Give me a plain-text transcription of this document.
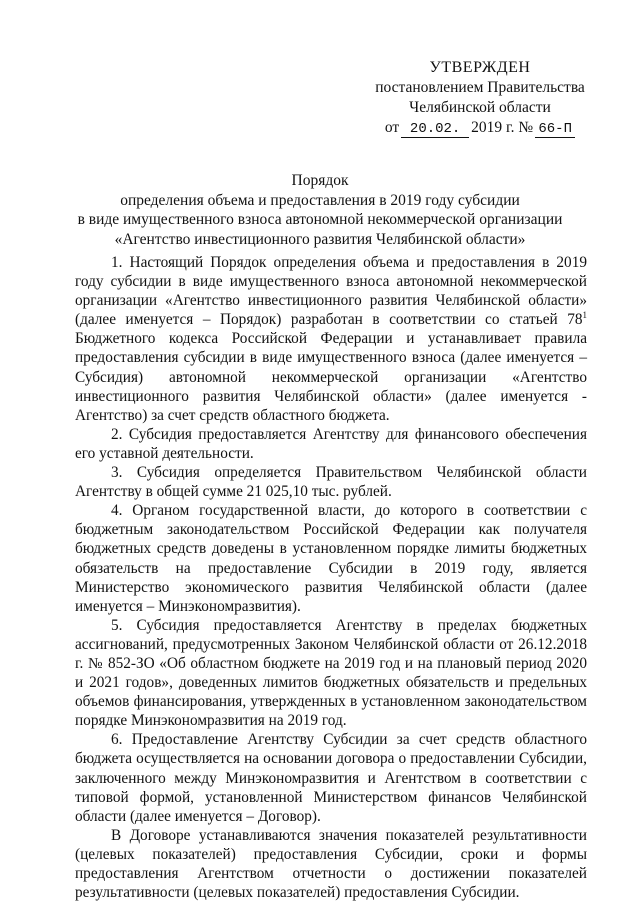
УТВЕРЖДЕН
постановлением Правительства
Челябинской области
от 20.02. 2019 г. № 66-П
Порядок
определения объема и предоставления в 2019 году субсидии
в виде имущественного взноса автономной некоммерческой организации
«Агентство инвестиционного развития Челябинской области»

1. Настоящий Порядок определения объема и предоставления в 2019 году субсидии в виде имущественного взноса автономной некоммерческой организации «Агентство инвестиционного развития Челябинской области» (далее именуется – Порядок) разработан в соответствии со статьей $78^1$ Бюджетного кодекса Российской Федерации и устанавливает правила предоставления субсидии в виде имущественного взноса (далее именуется – Субсидия) автономной некоммерческой организации «Агентство инвестиционного развития Челябинской области» (далее именуется - Агентство) за счет средств областного бюджета.

2. Субсидия предоставляется Агентству для финансового обеспечения его уставной деятельности.

3. Субсидия определяется Правительством Челябинской области Агентству в общей сумме 21 025,10 тыс. рублей.

4. Органом государственной власти, до которого в соответствии с бюджетным законодательством Российской Федерации как получателя бюджетных средств доведены в установленном порядке лимиты бюджетных обязательств на предоставление Субсидии в 2019 году, является Министерство экономического развития Челябинской области (далее именуется – Минэкономразвития).

5. Субсидия предоставляется Агентству в пределах бюджетных ассигнований, предусмотренных Законом Челябинской области от 26.12.2018 г. № 852-ЗО «Об областном бюджете на 2019 год и на плановый период 2020 и 2021 годов», доведенных лимитов бюджетных обязательств и предельных объемов финансирования, утвержденных в установленном законодательством порядке Минэкономразвития на 2019 год.

6. Предоставление Агентству Субсидии за счет средств областного бюджета осуществляется на основании договора о предоставлении Субсидии, заключенного между Минэкономразвития и Агентством в соответствии с типовой формой, установленной Министерством финансов Челябинской области (далее именуется – Договор).

В Договоре устанавливаются значения показателей результативности (целевых показателей) предоставления Субсидии, сроки и формы предоставления Агентством отчетности о достижении показателей результативности (целевых показателей) предоставления Субсидии.
